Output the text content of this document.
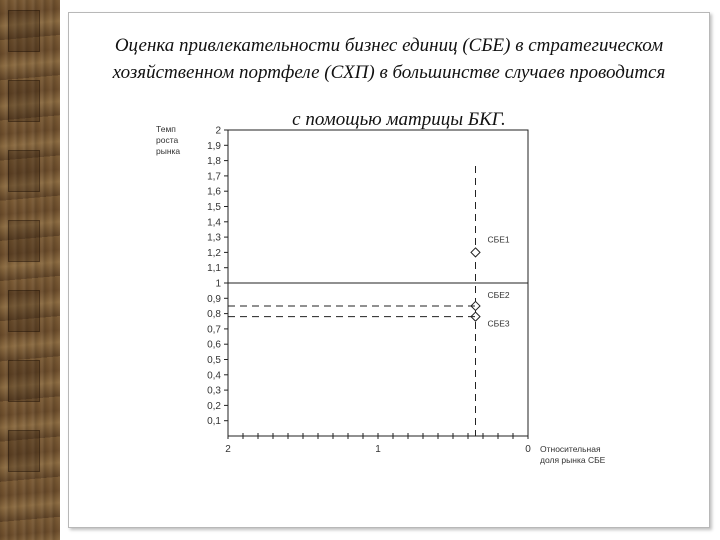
Оценка привлекательности бизнес единиц (СБЕ) в стратегическом
хозяйственном портфеле (СХП) в большинстве случаев проводится
с помощью матрицы БКГ.
0,1
0,2
0,3
0,4
0,5
0,6
0,7
0,8
0,9
1
1,1
1,2
1,3
1,4
1,5
1,6
1,7
1,8
1,9
2
2	1	0
Темп
роста
рынка
Относительная
доля рынка СБЕ
СБЕ1
СБЕ2
СБЕ3
